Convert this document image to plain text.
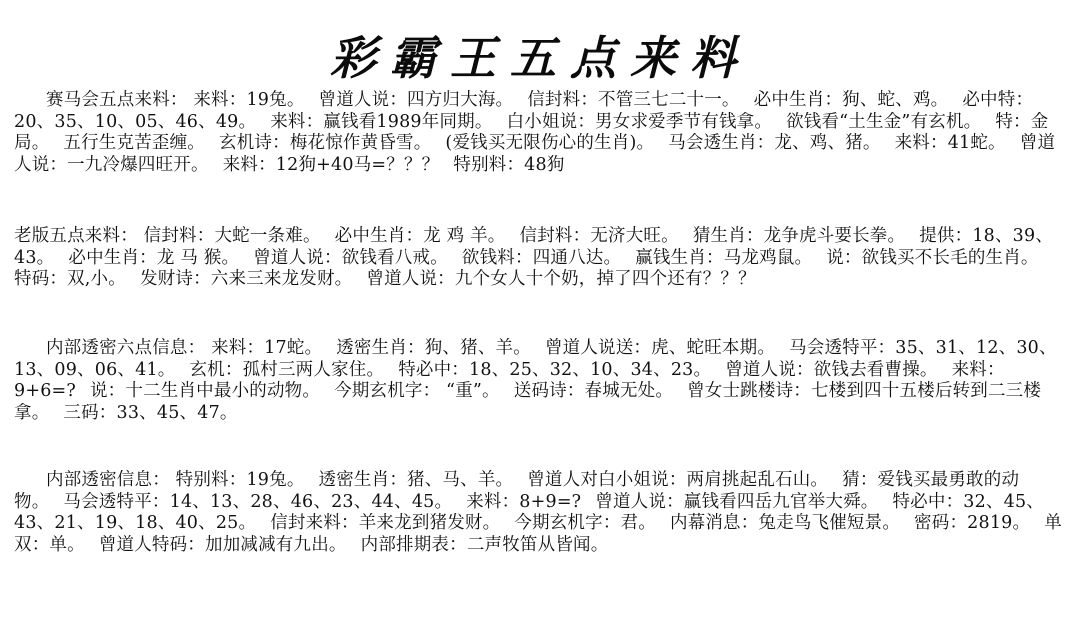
彩霸王五点来料
赛马会五点来料： 来料：19兔。 曾道人说：四方归大海。 信封料：不管三七二十一。 必中生肖：狗、蛇、鸡。 必中特：20、35、10、05、46、49。 来料：赢钱看1989年同期。 白小姐说：男女求爱季节有钱拿。 欲钱看“土生金”有玄机。 特：金局。 五行生克苦歪缠。 玄机诗：梅花惊作黄昏雪。 (爱钱买无限伤心的生肖)。 马会透生肖：龙、鸡、猪。 来料：41蛇。 曾道人说：一九冷爆四旺开。 来料：12狗+40马=？？？ 特别料：48狗
老版五点来料： 信封料：大蛇一条难。 必中生肖：龙 鸡 羊。 信封料：无济大旺。 猜生肖：龙争虎斗要长拳。 提供：18、39、43。 必中生肖：龙 马 猴。 曾道人说：欲钱看八戒。 欲钱料：四通八达。 赢钱生肖：马龙鸡鼠。 说：欲钱买不长毛的生肖。特码：双,小。 发财诗：六来三来龙发财。 曾道人说：九个女人十个奶，掉了四个还有？？？
内部透密六点信息： 来料：17蛇。 透密生肖：狗、猪、羊。 曾道人说送：虎、蛇旺本期。 马会透特平：35、31、12、30、13、09、06、41。 玄机：孤村三两人家住。 特必中：18、25、32、10、34、23。 曾道人说：欲钱去看曹操。 来料：9+6=? 说：十二生肖中最小的动物。 今期玄机字： “重”。 送码诗：春城无处。 曾女士跳楼诗：七楼到四十五楼后转到二三楼拿。 三码：33、45、47。
内部透密信息： 特别料：19兔。 透密生肖：猪、马、羊。 曾道人对白小姐说：两肩挑起乱石山。 猜：爱钱买最勇敢的动物。 马会透特平：14、13、28、46、23、44、45。 来料：8+9=? 曾道人说：赢钱看四岳九官举大舜。 特必中：32、45、43、21、19、18、40、25。 信封来料：羊来龙到猪发财。 今期玄机字：君。 内幕消息：兔走鸟飞催短景。 密码：2819。 单双：单。 曾道人特码：加加减减有九出。 内部排期表：二声牧笛从皆闻。
